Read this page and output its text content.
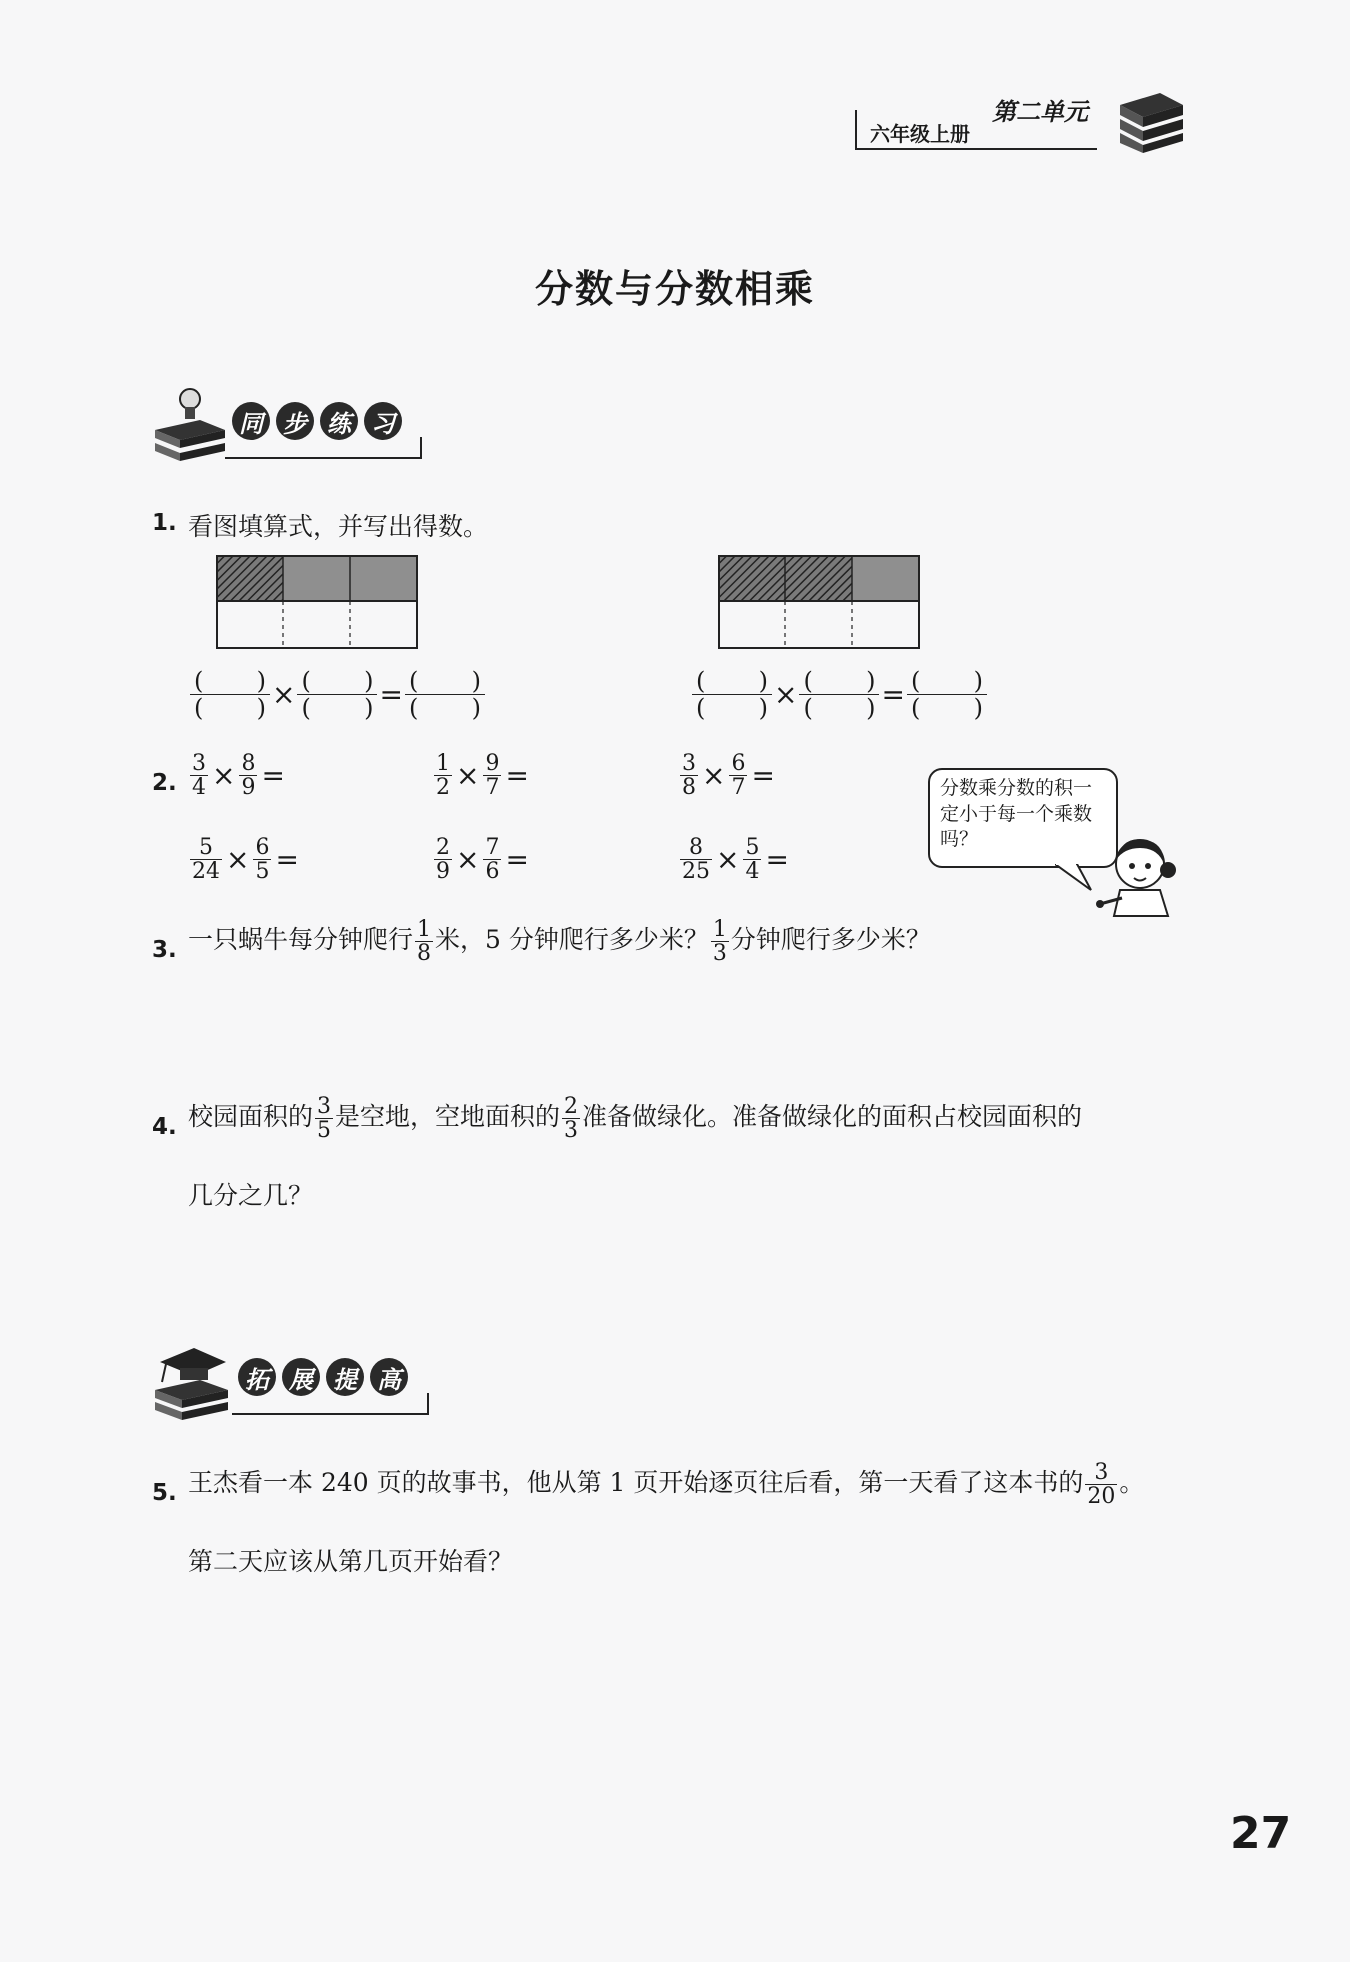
六年级上册
第二单元
分数与分数相乘
同 步 练 习
1. 看图填算式，并写出得数。
( )
( ) × ( )
( ) = ( )
( )
( )
( ) × ( )
( ) = ( )
( )
2. $\frac{3}{4} \times \frac{8}{9}$ =	$\frac{1}{2} \times \frac{9}{7}$ =	$\frac{3}{8} \times \frac{6}{7}$ =
$\frac{5}{24} \times \frac{6}{5}$ =	$\frac{2}{9} \times \frac{7}{6}$ =	$\frac{8}{25} \times \frac{5}{4}$ =
分数乘分数的积一定小于每一个乘数吗？
3. 一只蜗牛每分钟爬行 $\frac{1}{8}$ 米，5 分钟爬行多少米？ $\frac{1}{3}$ 分钟爬行多少米？
4. 校园面积的 $\frac{3}{5}$ 是空地，空地面积的 $\frac{2}{3}$ 准备做绿化。准备做绿化的面积占校园面积的
几分之几？
拓 展 提 高
5. 王杰看一本 240 页的故事书，他从第 1 页开始逐页往后看，第一天看了这本书的 $\frac{3}{20}$ 。
第二天应该从第几页开始看？
27
